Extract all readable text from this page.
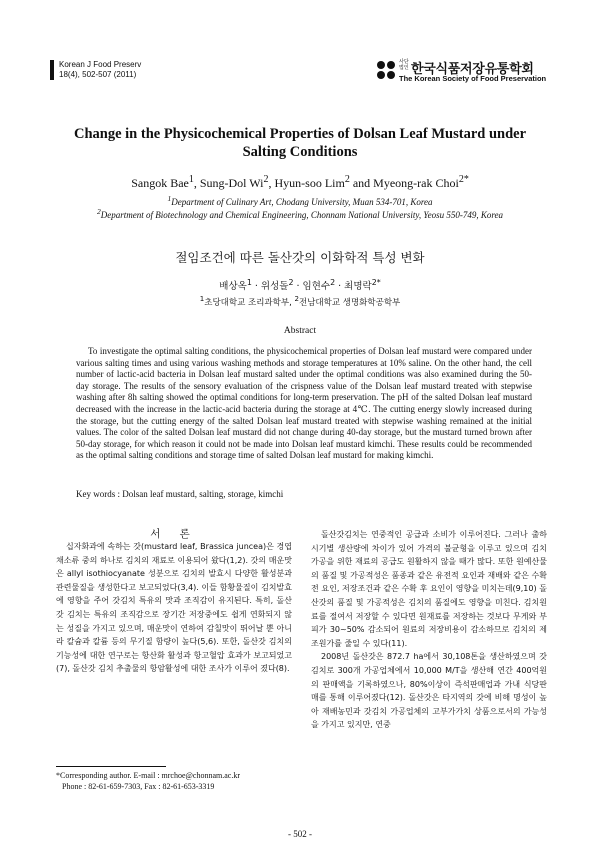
Korean J Food Preserv
18(4), 502-507 (2011)	한국식품저장유통학회
사단법인
The Korean Society of Food Preservation
Change in the Physicochemical Properties of Dolsan Leaf Mustard under Salting Conditions
Sangok Bae$^1$, Sung-Dol Wi$^2$, Hyun-soo Lim$^2$ and Myeong-rak Choi$^{2*}$
$^1$Department of Culinary Art, Chodang University, Muan 534-701, Korea
$^2$Department of Biotechnology and Chemical Engineering, Chonnam National University, Yeosu 550-749, Korea
절임조건에 따른 돌산갓의 이화학적 특성 변화
배상옥$^1$ · 위성돌$^2$ · 임현수$^2$ · 최명락$^{2*}$
$^1$초당대학교 조리과학부, $^2$전남대학교 생명화학공학부
Abstract
To investigate the optimal salting conditions, the physicochemical properties of Dolsan leaf mustard were compared under various salting times and using various washing methods and storage temperatures at 10% saline. On the other hand, the cell number of lactic-acid bacteria in Dolsan leaf mustard salted under the optimal conditions was also examined during the 50-day storage. The results of the sensory evaluation of the crispness value of the Dolsan leaf mustard treated with stepwise washing after 8h salting showed the optimal conditions for long-term preservation. The pH of the salted Dolsan leaf mustard decreased with the increase in the lactic-acid bacteria during the storage at 4℃. The cutting energy slowly increased during the storage, but the cutting energy of the salted Dolsan leaf mustard treated with stepwise washing remained at the initial values. The color of the salted Dolsan leaf mustard did not change during 40-day storage, but the mustard turned brown after 50-day storage, for which reason it could not be made into Dolsan leaf mustard kimchi. These results could be recommended as the optimal salting conditions and storage time of salted Dolsan leaf mustard for making kimchi.
Key words : Dolsan leaf mustard, salting, storage, kimchi
서 론

십자화과에 속하는 갓(mustard leaf, Brassica juncea)은 경엽채소류 중의 하나로 김치의 재료로 이용되어 왔다(1,2). 갓의 매운맛은 allyl isothiocyanate 성분으로 김치의 발효시 다양한 활성분과 관련물질을 생성한다고 보고되었다(3,4). 이들 함황물질이 김치발효에 영향을 주어 갓김치 특유의 맛과 조직감이 유지된다. 특히, 돌산갓 김치는 특유의 조직감으로 장기간 저장중에도 쉽게 연화되지 않는 성질을 가지고 있으며, 매운맛이 연하여 감칠맛이 뛰어날 뿐 아니라 칼슘과 칼륨 등의 무기질 함량이 높다(5,6). 또한, 돌산갓 김치의 기능성에 대한 연구로는 항산화 활성과 항고혈압 효과가 보고되었고(7), 돌산갓 김치 추출물의 항암활성에 대한 조사가 이루어 졌다(8).

돌산갓김치는 연중적인 공급과 소비가 이루어진다. 그러나 출하시기별 생산량에 차이가 있어 가격의 불균형을 이루고 있으며 김치가공을 위한 재료의 공급도 원활하지 않을 때가 많다. 또한 원예산물의 품질 및 가공적성은 품종과 같은 유전적 요인과 재배와 같은 수확 전 요인, 저장조건과 같은 수확 후 요인이 영향을 미치는데(9,10) 돌산갓의 품질 및 가공적성은 김치의 품질에도 영향을 미친다. 김치원료를 절여서 저장할 수 있다면 원재료를 저장하는 것보다 무게와 부피가 30~50% 감소되어 원료의 저장비용이 감소하므로 김치의 제조원가를 줄일 수 있다(11).

2008년 돌산갓은 872.7 ha에서 30,108톤을 생산하였으며 갓김치로 300개 가공업체에서 10,000 M/T을 생산해 연간 400억원의 판매액을 기록하였으나, 80%이상이 즉석판매업과 가내 식당판매를 통해 이루어졌다(12). 돌산갓은 타지역의 갓에 비해 명성이 높아 재배농민과 갓김치 가공업체의 고부가가치 상품으로서의 가능성을 가지고 있지만, 연중

*Corresponding author. E-mail : mrchoe@chonnam.ac.kr
Phone : 82-61-659-7303, Fax : 82-61-653-3319
- 502 -
